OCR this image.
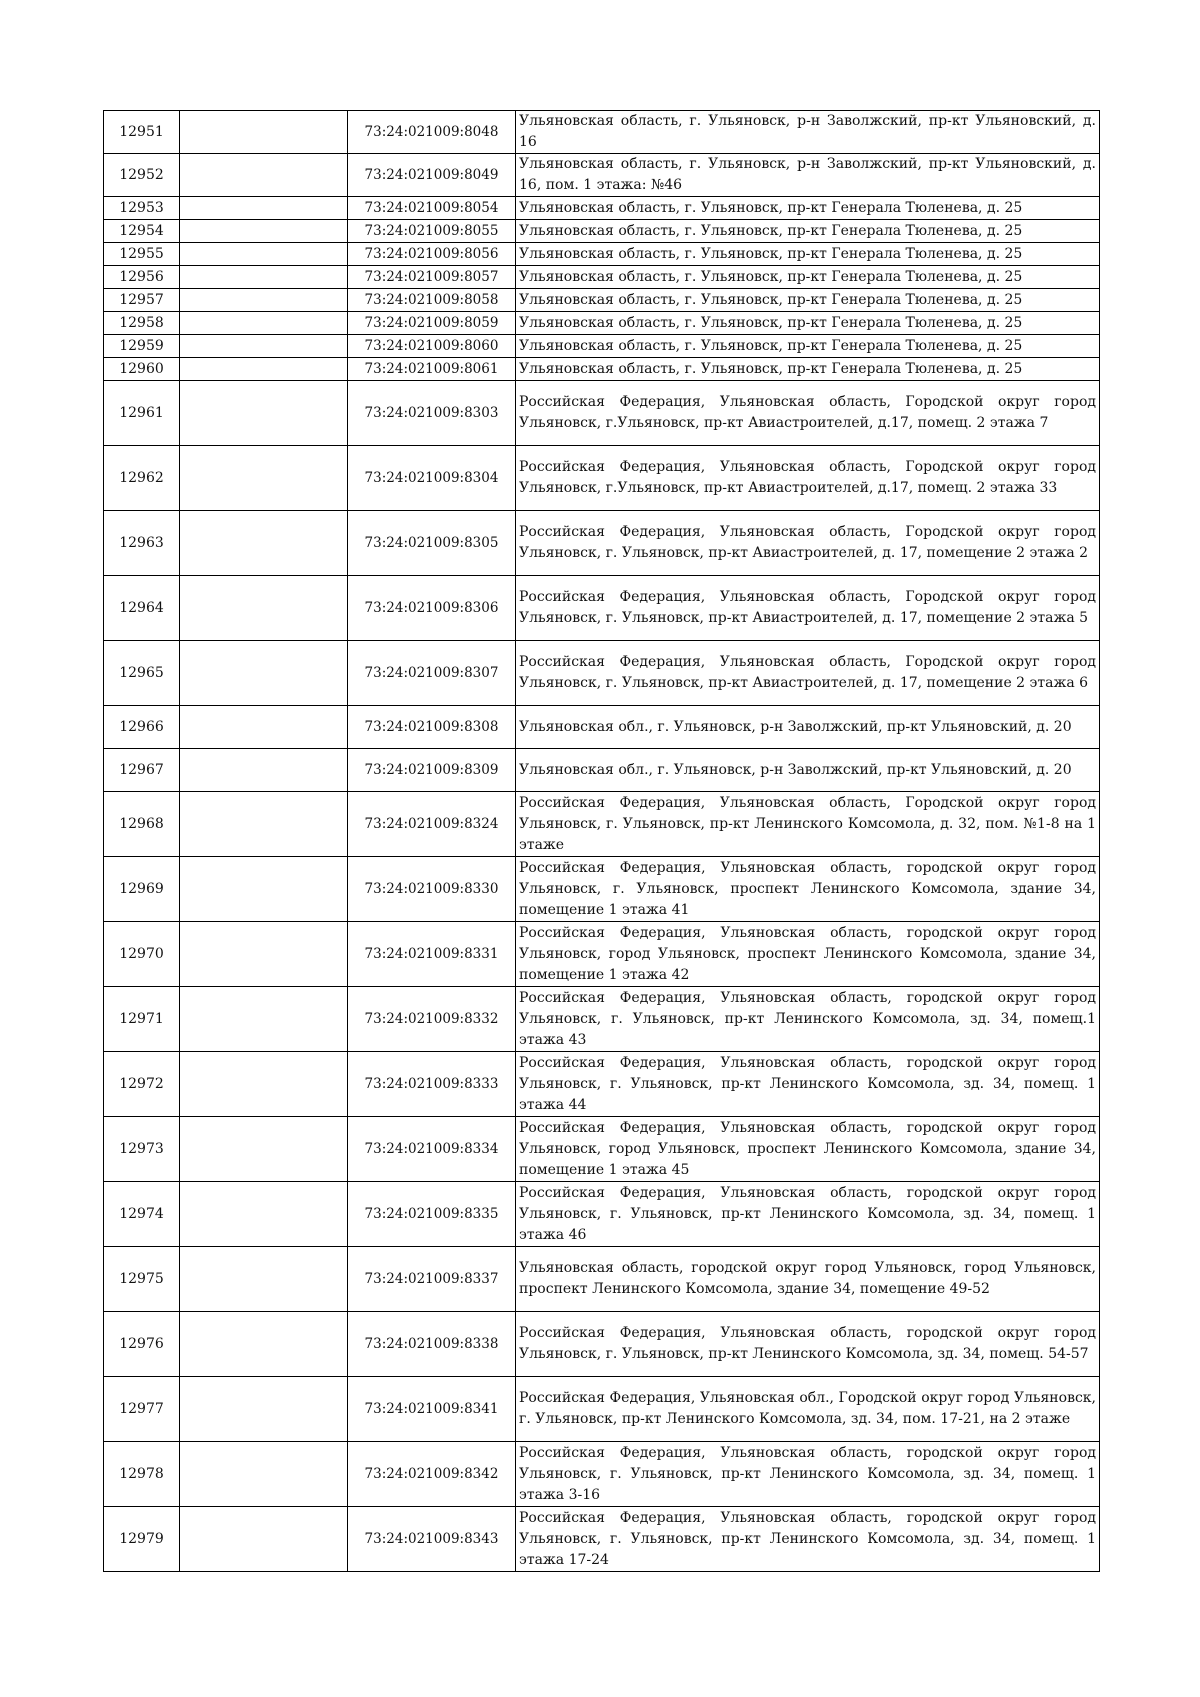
12951		73:24:021009:8048	Ульяновская область, г. Ульяновск, р-н Заволжский, пр-кт Ульяновский, д. 16
12952		73:24:021009:8049	Ульяновская область, г. Ульяновск, р-н Заволжский, пр-кт Ульяновский, д. 16, пом. 1 этажа: №46
12953		73:24:021009:8054	Ульяновская область, г. Ульяновск, пр-кт Генерала Тюленева, д. 25
12954		73:24:021009:8055	Ульяновская область, г. Ульяновск, пр-кт Генерала Тюленева, д. 25
12955		73:24:021009:8056	Ульяновская область, г. Ульяновск, пр-кт Генерала Тюленева, д. 25
12956		73:24:021009:8057	Ульяновская область, г. Ульяновск, пр-кт Генерала Тюленева, д. 25
12957		73:24:021009:8058	Ульяновская область, г. Ульяновск, пр-кт Генерала Тюленева, д. 25
12958		73:24:021009:8059	Ульяновская область, г. Ульяновск, пр-кт Генерала Тюленева, д. 25
12959		73:24:021009:8060	Ульяновская область, г. Ульяновск, пр-кт Генерала Тюленева, д. 25
12960		73:24:021009:8061	Ульяновская область, г. Ульяновск, пр-кт Генерала Тюленева, д. 25
12961		73:24:021009:8303	Российская Федерация, Ульяновская область, Городской округ город Ульяновск, г.Ульяновск, пр-кт Авиастроителей, д.17, помещ. 2 этажа 7
12962		73:24:021009:8304	Российская Федерация, Ульяновская область, Городской округ город Ульяновск, г.Ульяновск, пр-кт Авиастроителей, д.17, помещ. 2 этажа 33
12963		73:24:021009:8305	Российская Федерация, Ульяновская область, Городской округ город Ульяновск, г. Ульяновск, пр-кт Авиастроителей, д. 17, помещение 2 этажа 2
12964		73:24:021009:8306	Российская Федерация, Ульяновская область, Городской округ город Ульяновск, г. Ульяновск, пр-кт Авиастроителей, д. 17, помещение 2 этажа 5
12965		73:24:021009:8307	Российская Федерация, Ульяновская область, Городской округ город Ульяновск, г. Ульяновск, пр-кт Авиастроителей, д. 17, помещение 2 этажа 6
12966		73:24:021009:8308	Ульяновская обл., г. Ульяновск, р-н Заволжский, пр-кт Ульяновский, д. 20
12967		73:24:021009:8309	Ульяновская обл., г. Ульяновск, р-н Заволжский, пр-кт Ульяновский, д. 20
12968		73:24:021009:8324	Российская Федерация, Ульяновская область, Городской округ город Ульяновск, г. Ульяновск, пр-кт Ленинского Комсомола, д. 32, пом. №1-8 на 1 этаже
12969		73:24:021009:8330	Российская Федерация, Ульяновская область, городской округ город Ульяновск, г. Ульяновск, проспект Ленинского Комсомола, здание 34, помещение 1 этажа 41
12970		73:24:021009:8331	Российская Федерация, Ульяновская область, городской округ город Ульяновск, город Ульяновск, проспект Ленинского Комсомола, здание 34, помещение 1 этажа 42
12971		73:24:021009:8332	Российская Федерация, Ульяновская область, городской округ город Ульяновск, г. Ульяновск, пр-кт Ленинского Комсомола, зд. 34, помещ.1 этажа 43
12972		73:24:021009:8333	Российская Федерация, Ульяновская область, городской округ город Ульяновск, г. Ульяновск, пр-кт Ленинского Комсомола, зд. 34, помещ. 1 этажа 44
12973		73:24:021009:8334	Российская Федерация, Ульяновская область, городской округ город Ульяновск, город Ульяновск, проспект Ленинского Комсомола, здание 34, помещение 1 этажа 45
12974		73:24:021009:8335	Российская Федерация, Ульяновская область, городской округ город Ульяновск, г. Ульяновск, пр-кт Ленинского Комсомола, зд. 34, помещ. 1 этажа 46
12975		73:24:021009:8337	Ульяновская область, городской округ город Ульяновск, город Ульяновск, проспект Ленинского Комсомола, здание 34, помещение 49-52
12976		73:24:021009:8338	Российская Федерация, Ульяновская область, городской округ город Ульяновск, г. Ульяновск, пр-кт Ленинского Комсомола, зд. 34, помещ. 54-57
12977		73:24:021009:8341	Российская Федерация, Ульяновская обл., Городской округ город Ульяновск, г. Ульяновск, пр-кт Ленинского Комсомола, зд. 34, пом. 17-21, на 2 этаже
12978		73:24:021009:8342	Российская Федерация, Ульяновская область, городской округ город Ульяновск, г. Ульяновск, пр-кт Ленинского Комсомола, зд. 34, помещ. 1 этажа 3-16
12979		73:24:021009:8343	Российская Федерация, Ульяновская область, городской округ город Ульяновск, г. Ульяновск, пр-кт Ленинского Комсомола, зд. 34, помещ. 1 этажа 17-24
